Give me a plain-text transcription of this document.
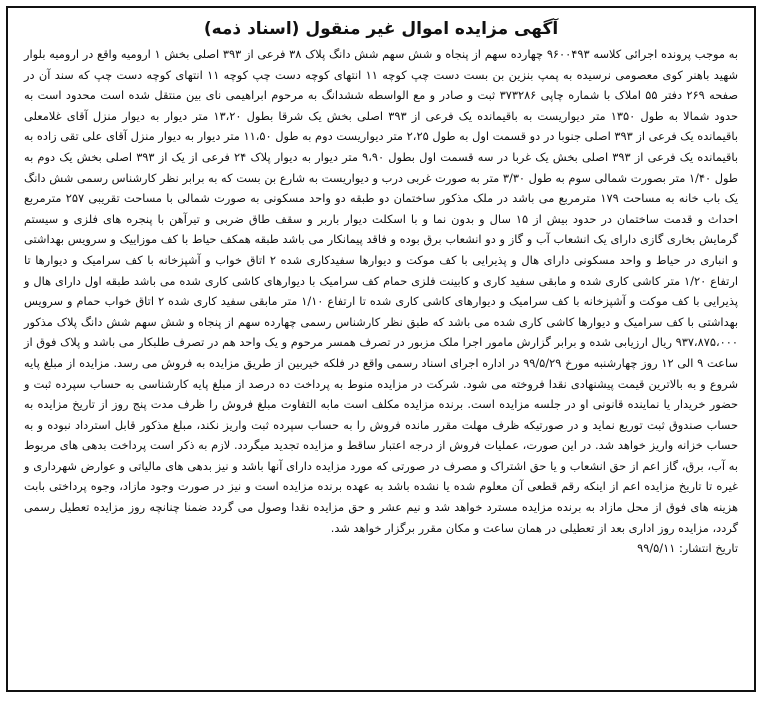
آگهی مزایده اموال غیر منقول (اسناد ذمه)

به موجب پرونده اجرائی کلاسه ۹۶۰۰۴۹۳ چهارده سهم از پنجاه و شش سهم شش دانگ پلاک ۳۸ فرعی از ۳۹۳ اصلی بخش ۱ ارومیه واقع در ارومیه بلوار شهید باهنر کوی معصومی نرسیده به پمپ بنزین بن بست دست چپ کوچه ۱۱ انتهای کوچه دست چپ کوچه ۱۱ انتهای کوچه دست چپ که سند آن در صفحه ۲۶۹ دفتر ۵۵ املاک با شماره چاپی ۳۷۳۲۸۶ ثبت و صادر و مع الواسطه ششدانگ به مرحوم ابراهیمی نای بین منتقل شده است محدود است به حدود شمالا به طول ۱۳۵۰ متر دیواریست به باقیمانده یک فرعی از ۳۹۳ اصلی بخش یک شرقا بطول ۱۳،۲۰ متر دیوار به دیوار منزل آقای غلامعلی باقیمانده یک فرعی از ۳۹۳ اصلی جنوبا در دو قسمت اول به طول ۲،۲۵ متر دیواریست دوم به طول ۱۱،۵۰ متر دیوار به دیوار منزل آقای علی تقی زاده به باقیمانده یک فرعی از ۳۹۳ اصلی بخش یک غربا در سه قسمت اول بطول ۹،۹۰ متر دیوار به دیوار پلاک ۲۴ فرعی از یک از ۳۹۳ اصلی بخش یک دوم به طول ۱/۴۰ متر بصورت شمالی سوم به طول ۳/۳۰ متر به صورت غربی درب و دیواریست به شارع بن بست که به برابر نظر کارشناس رسمی شش دانگ یک باب خانه به مساحت ۱۷۹ مترمربع می باشد در ملک مذکور ساختمان دو طبقه دو واحد مسکونی به صورت شمالی با مساحت تقریبی ۲۵۷ مترمربع احداث و قدمت ساختمان در حدود بیش از ۱۵ سال و بدون نما و با اسکلت دیوار باربر و سقف طاق ضربی و تیرآهن با پنجره های فلزی و سیستم گرمایش بخاری گازی دارای یک انشعاب آب و گاز و دو انشعاب برق بوده و فاقد پیمانکار می باشد طبقه همکف حیاط با کف موزاییک و سرویس بهداشتی و انباری در حیاط و واحد مسکونی دارای هال و پذیرایی با کف موکت و دیوارها سفیدکاری شده ۲ اتاق خواب و آشپزخانه با کف سرامیک و دیوارها تا ارتفاع ۱/۲۰ متر کاشی کاری شده و مابقی سفید کاری و کابینت فلزی حمام کف سرامیک با دیوارهای کاشی کاری شده می باشد طبقه اول دارای هال و پذیرایی با کف موکت و آشپزخانه با کف سرامیک و دیوارهای کاشی کاری شده تا ارتفاع ۱/۱۰ متر مابقی سفید کاری شده ۲ اتاق خواب حمام و سرویس بهداشتی با کف سرامیک و دیوارها کاشی کاری شده می باشد که طبق نظر کارشناس رسمی چهارده سهم از پنجاه و شش سهم شش دانگ پلاک مذکور ۹۳۷،۸۷۵،۰۰۰ ریال ارزیابی شده و برابر گزارش مامور اجرا ملک مزبور در تصرف همسر مرحوم و یک واحد هم در تصرف طلبکار می باشد و پلاک فوق از ساعت ۹ الی ۱۲ روز چهارشنبه مورخ ۹۹/۵/۲۹ در اداره اجرای اسناد رسمی واقع در فلکه خیربین از طریق مزایده به فروش می رسد. مزایده از مبلغ پایه شروع و به بالاترین قیمت پیشنهادی نقدا فروخته می شود. شرکت در مزایده منوط به پرداخت ده درصد از مبلغ پایه کارشناسی به حساب سپرده ثبت و حضور خریدار یا نماینده قانونی او در جلسه مزایده است. برنده مزایده مکلف است مابه التفاوت مبلغ فروش را ظرف مدت پنج روز از تاریخ مزایده به حساب صندوق ثبت توریع نماید و در صورتیکه ظرف مهلت مقرر مانده فروش را به حساب سپرده ثبت واریز نکند، مبلغ مذکور قابل استرداد نبوده و به حساب خزانه واریز خواهد شد. در این صورت، عملیات فروش از درجه اعتبار ساقط و مزایده تجدید میگردد. لازم به ذکر است پرداخت بدهی های مربوط به آب، برق، گاز اعم از حق انشعاب و یا حق اشتراک و مصرف در صورتی که مورد مزایده دارای آنها باشد و نیز بدهی های مالیاتی و عوارض شهرداری و غیره تا تاریخ مزایده اعم از اینکه رقم قطعی آن معلوم شده یا نشده باشد به عهده برنده مزایده است و نیز در صورت وجود مازاد، وجوه پرداختی بابت هزینه های فوق از محل مازاد به برنده مزایده مسترد خواهد شد و نیم عشر و حق مزایده نقدا وصول می گردد ضمنا چنانچه روز مزایده تعطیل رسمی گردد، مزایده روز اداری بعد از تعطیلی در همان ساعت و مکان مقرر برگزار خواهد شد.

تاریخ انتشار: ۹۹/۵/۱۱
